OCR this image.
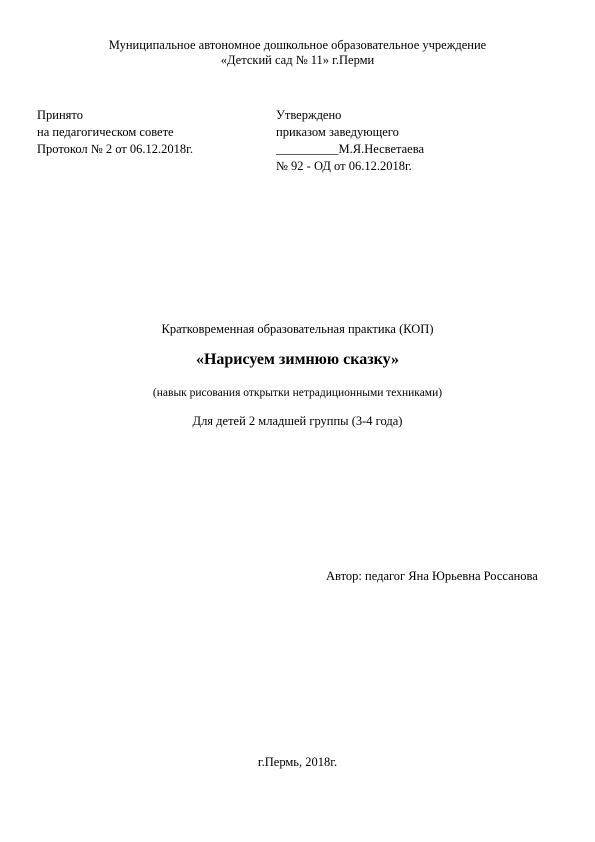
Муниципальное автономное дошкольное образовательное учреждение
«Детский сад № 11» г.Перми
Принято
на педагогическом совете
Протокол № 2 от 06.12.2018г.
Утверждено
приказом заведующего
__________М.Я.Несветаева
№ 92 - ОД от 06.12.2018г.
Кратковременная образовательная практика (КОП)
«Нарисуем зимнюю сказку»
(навык рисования открытки нетрадиционными техниками)
Для детей 2 младшей группы (3-4 года)
Автор: педагог Яна Юрьевна Россанова
г.Пермь, 2018г.
